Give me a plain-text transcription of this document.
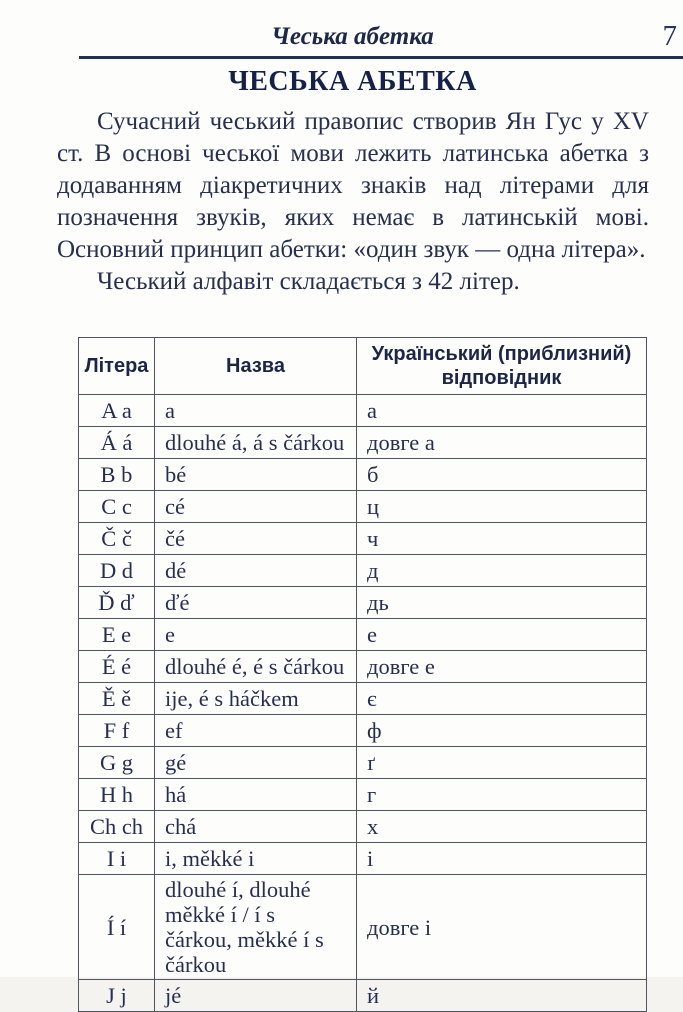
Чеська абетка	7
ЧЕСЬКА АБЕТКА

Сучасний чеський правопис створив Ян Гус у XV ст. В основі чеської мови лежить латинська абетка з додаванням діакретичних знаків над літерами для позначення звуків, яких немає в латинській мові. Основний принцип абетки: «один звук — одна літера».

Чеський алфавіт складається з 42 літер.

Літера	Назва	Український (приблизний) відповідник
A a	a	а
Á á	dlouhé á, á s čárkou	довге а
B b	bé	б
C c	cé	ц
Č č	čé	ч
D d	dé	д
Ď ď	ďé	дь
E e	e	е
É é	dlouhé é, é s čárkou	довге е
Ě ě	ije, é s háčkem	є
F f	ef	ф
G g	gé	ґ
H h	há	г
Ch ch	chá	х
I i	i, měkké i	і
Í í	dlouhé í, dlouhé měkké í / í s čárkou, měkké í s čárkou	довге і
J j	jé	й
